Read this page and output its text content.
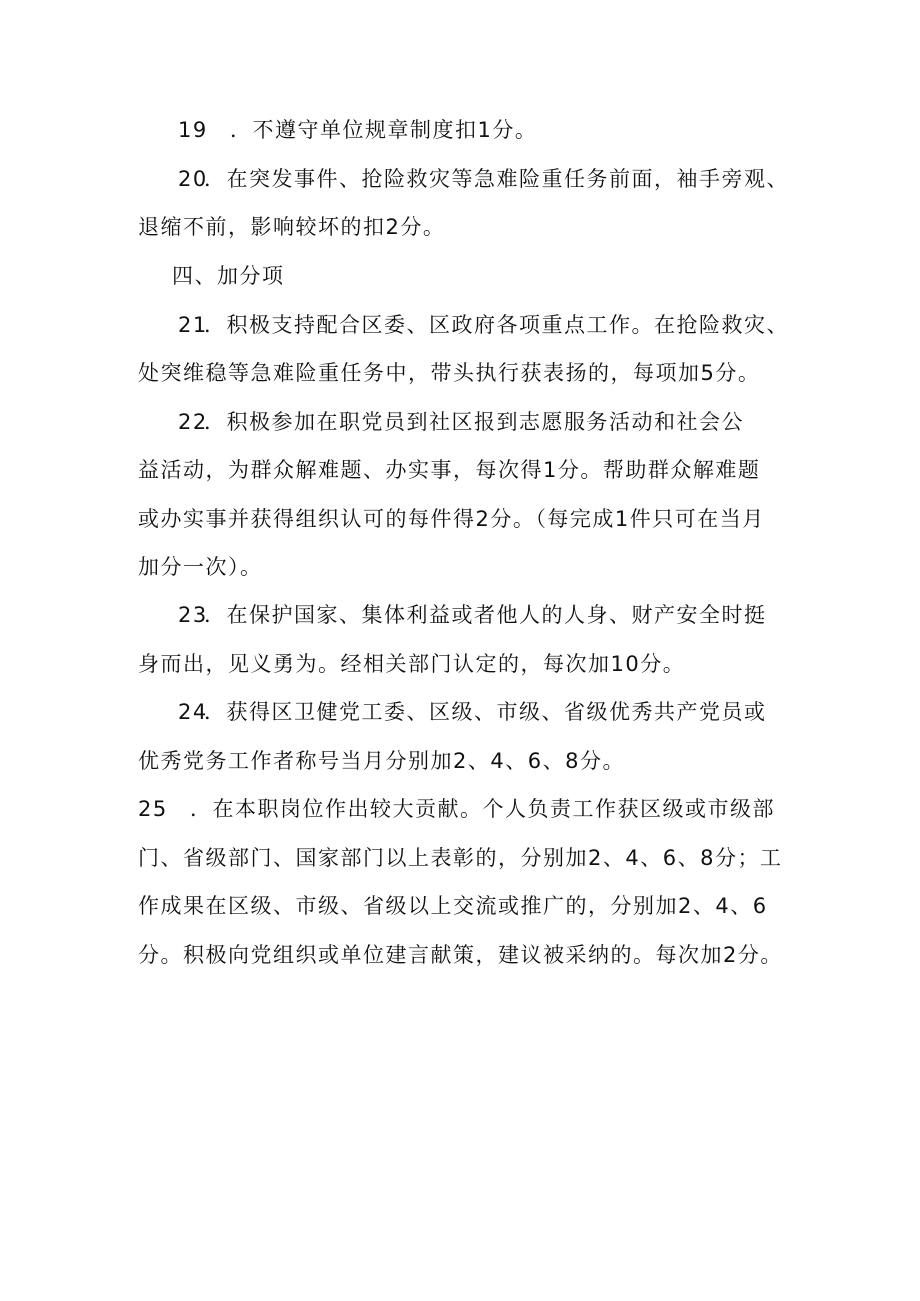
19 ．不遵守单位规章制度扣1分。
20．在突发事件、抢险救灾等急难险重任务前面，袖手旁观、
退缩不前，影响较坏的扣2分。
四、加分项
21．积极支持配合区委、区政府各项重点工作。在抢险救灾、
处突维稳等急难险重任务中，带头执行获表扬的，每项加5分。
22．积极参加在职党员到社区报到志愿服务活动和社会公
益活动，为群众解难题、办实事，每次得1分。帮助群众解难题
或办实事并获得组织认可的每件得2分。（每完成1件只可在当月
加分一次）。
23．在保护国家、集体利益或者他人的人身、财产安全时挺
身而出，见义勇为。经相关部门认定的，每次加10分。
24．获得区卫健党工委、区级、市级、省级优秀共产党员或
优秀党务工作者称号当月分别加2、4、6、8分。
25 ．在本职岗位作出较大贡献。个人负责工作获区级或市级部
门、省级部门、国家部门以上表彰的，分别加2、4、6、8分；工
作成果在区级、市级、省级以上交流或推广的，分别加2、4、6
分。积极向党组织或单位建言献策，建议被采纳的。每次加2分。
